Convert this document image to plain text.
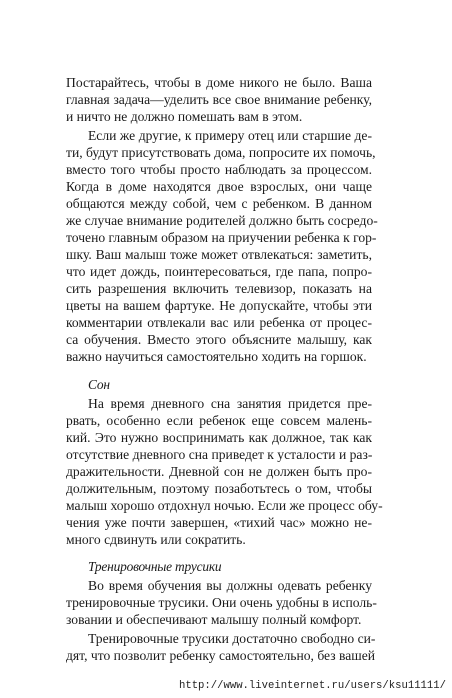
Постарайтесь, чтобы в доме никого не было. Ваша
главная задача—уделить все свое внимание ребенку,
и ничто не должно помешать вам в этом.
Если же другие, к примеру отец или старшие де-
ти, будут присутствовать дома, попросите их помочь,
вместо того чтобы просто наблюдать за процессом.
Когда в доме находятся двое взрослых, они чаще
общаются между собой, чем с ребенком. В данном
же случае внимание родителей должно быть сосредо-
точено главным образом на приучении ребенка к гор-
шку. Ваш малыш тоже может отвлекаться: заметить,
что идет дождь, поинтересоваться, где папа, попро-
сить разрешения включить телевизор, показать на
цветы на вашем фартуке. Не допускайте, чтобы эти
комментарии отвлекали вас или ребенка от процес-
са обучения. Вместо этого объясните малышу, как
важно научиться самостоятельно ходить на горшок.
Сон
На время дневного сна занятия придется пре-
рвать, особенно если ребенок еще совсем малень-
кий. Это нужно воспринимать как должное, так как
отсутствие дневного сна приведет к усталости и раз-
дражительности. Дневной сон не должен быть про-
должительным, поэтому позаботьтесь о том, чтобы
малыш хорошо отдохнул ночью. Если же процесс обу-
чения уже почти завершен, «тихий час» можно не-
много сдвинуть или сократить.
Тренировочные трусики
Во время обучения вы должны одевать ребенку
тренировочные трусики. Они очень удобны в исполь-
зовании и обеспечивают малышу полный комфорт.
Тренировочные трусики достаточно свободно си-
дят, что позволит ребенку самостоятельно, без вашей
http://www.liveinternet.ru/users/ksu11111/
